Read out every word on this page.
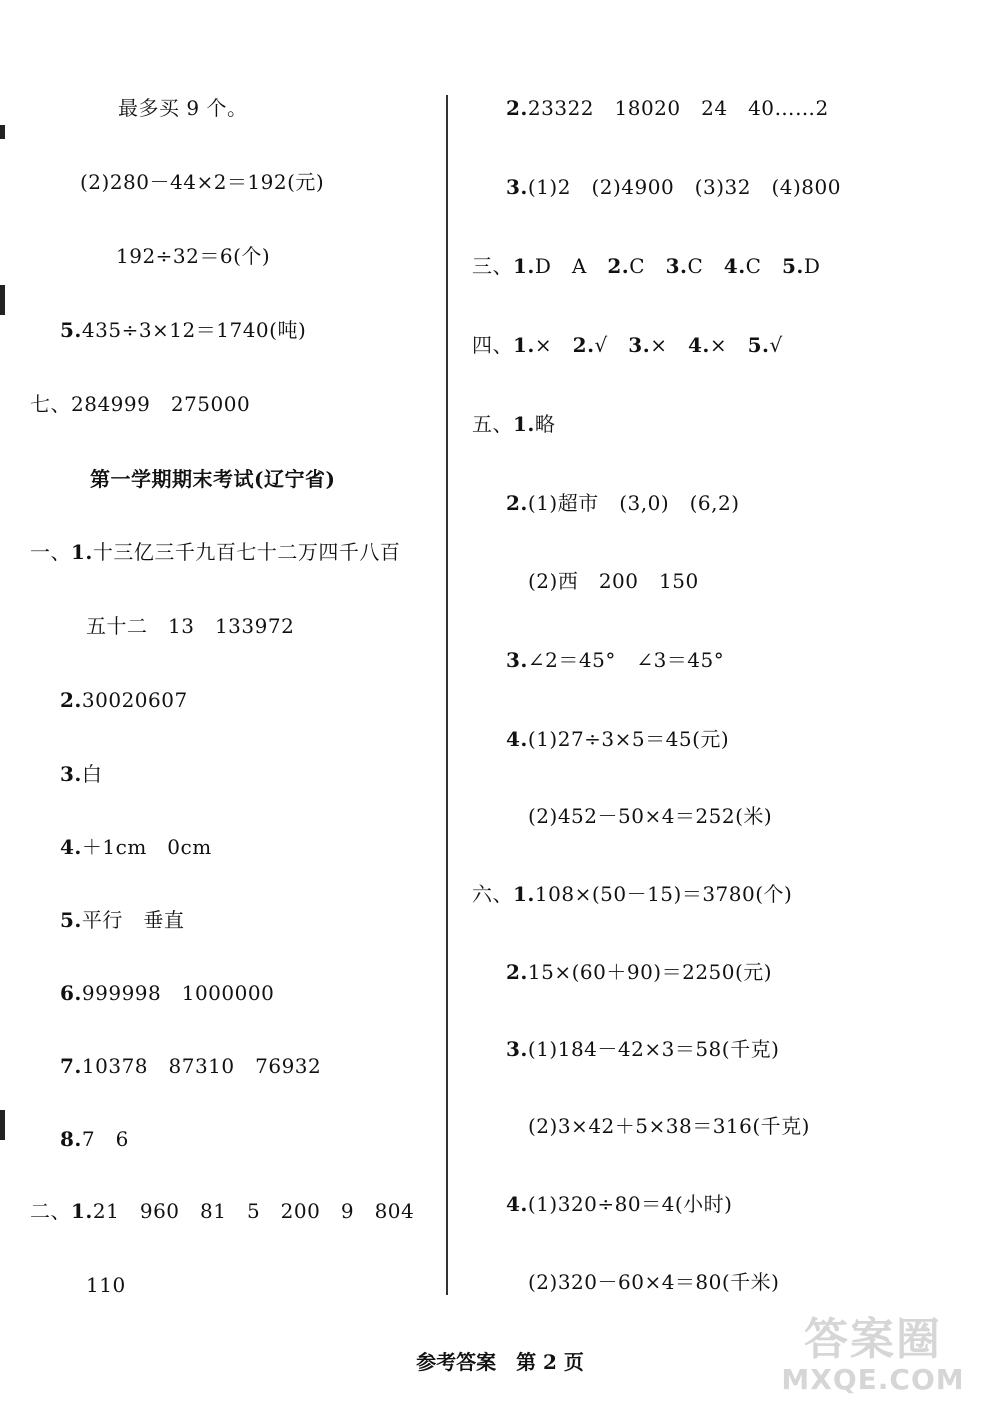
最多买 9 个。
(2)280－44×2＝192(元)
192÷32＝6(个)
5.435÷3×12＝1740(吨)
七、284999　275000
第一学期期末考试(辽宁省)
一、1.十三亿三千九百七十二万四千八百
五十二　13　133972
2.30020607
3.白
4.＋1cm　0cm
5.平行　垂直
6.999998　1000000
7.10378　87310　76932
8.7　6
二、1.21　960　81　5　200　9　804
110
2.23322　18020　24　40……2
3.(1)2　(2)4900　(3)32　(4)800
三、1.D　A　2.C　3.C　4.C　5.D
四、1.×　2.√　3.×　4.×　5.√
五、1.略
2.(1)超市　(3,0)　(6,2)
(2)西　200　150
3.∠2＝45°　∠3＝45°
4.(1)27÷3×5＝45(元)
(2)452－50×4＝252(米)
六、1.108×(50－15)＝3780(个)
2.15×(60＋90)＝2250(元)
3.(1)184－42×3＝58(千克)
(2)3×42＋5×38＝316(千克)
4.(1)320÷80＝4(小时)
(2)320－60×4＝80(千米)
参考答案　第 2 页	答案圈
MXQE.COM
